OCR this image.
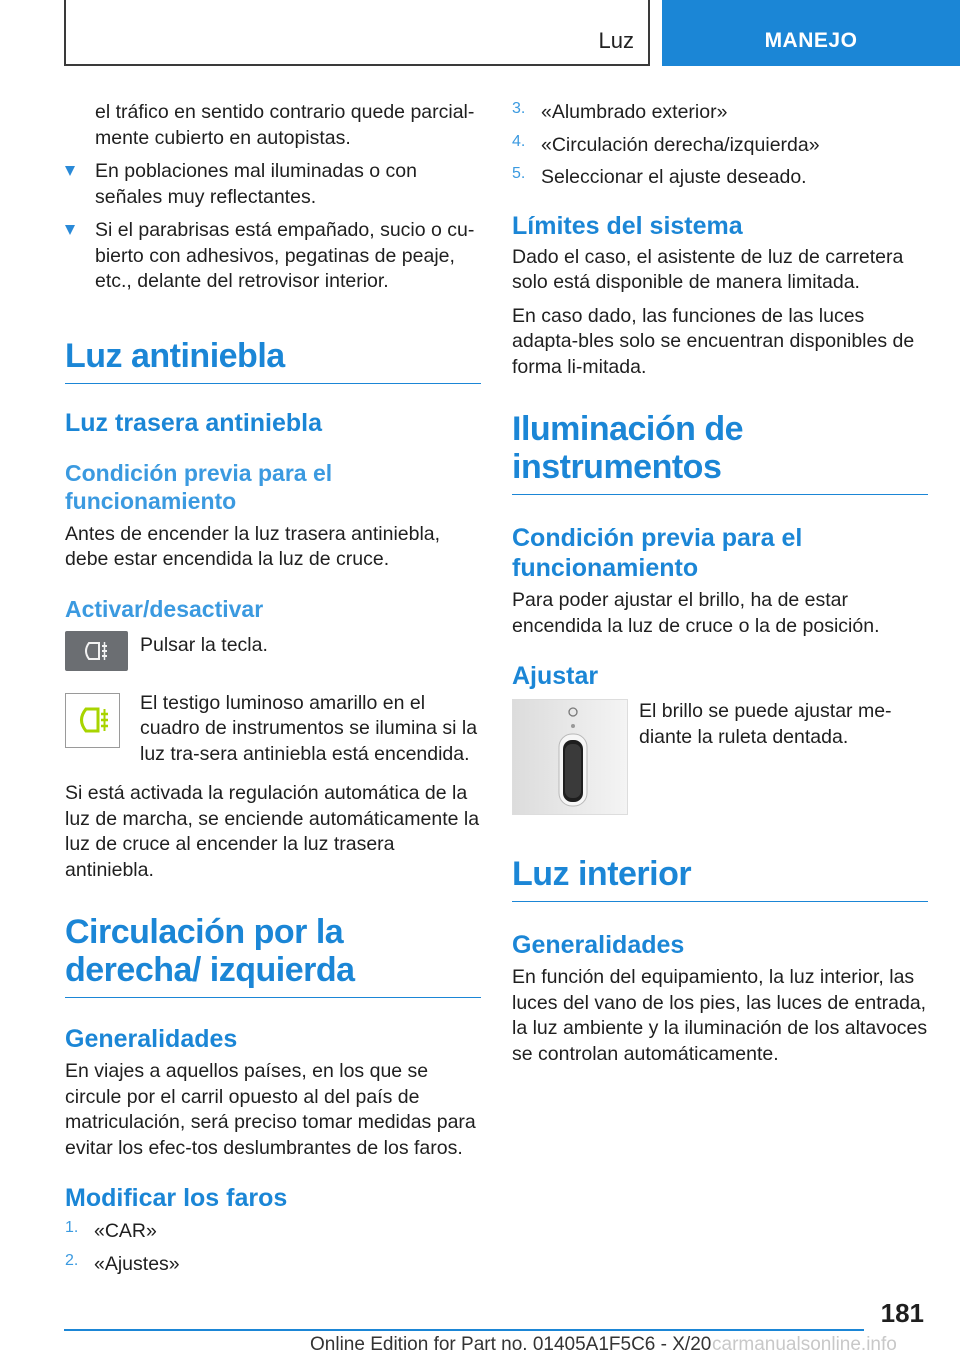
Luz	MANEJO

el tráfico en sentido contrario quede parcial‐mente cubierto en autopistas.

En poblaciones mal iluminadas o con señales muy reflectantes.

Si el parabrisas está empañado, sucio o cu‐bierto con adhesivos, pegatinas de peaje, etc., delante del retrovisor interior.

Luz antiniebla
Luz trasera antiniebla
Condición previa para el funcionamiento

Antes de encender la luz trasera antiniebla, debe estar encendida la luz de cruce.

Activar/desactivar

Pulsar la tecla.

El testigo luminoso amarillo en el cuadro de instrumentos se ilumina si la luz tra‐sera antiniebla está encendida.

Si está activada la regulación automática de la luz de marcha, se enciende automáticamente la luz de cruce al encender la luz trasera antiniebla.

Circulación por la derecha/ izquierda
Generalidades

En viajes a aquellos países, en los que se circule por el carril opuesto al del país de matriculación, será preciso tomar medidas para evitar los efec‐tos deslumbrantes de los faros.

Modificar los faros
1. «CAR»

2. «Ajustes»

3. «Alumbrado exterior»

4. «Circulación derecha/izquierda»

5. Seleccionar el ajuste deseado.

Límites del sistema

Dado el caso, el asistente de luz de carretera solo está disponible de manera limitada.

En caso dado, las funciones de las luces adapta‐bles solo se encuentran disponibles de forma li‐mitada.

Iluminación de instrumentos
Condición previa para el funcionamiento

Para poder ajustar el brillo, ha de estar encendida la luz de cruce o la de posición.

Ajustar

El brillo se puede ajustar me‐diante la ruleta dentada.

Luz interior
Generalidades

En función del equipamiento, la luz interior, las luces del vano de los pies, las luces de entrada, la luz ambiente y la iluminación de los altavoces se controlan automáticamente.

181
Online Edition for Part no. 01405A1F5C6 - X/20 carmanualsonline.info
